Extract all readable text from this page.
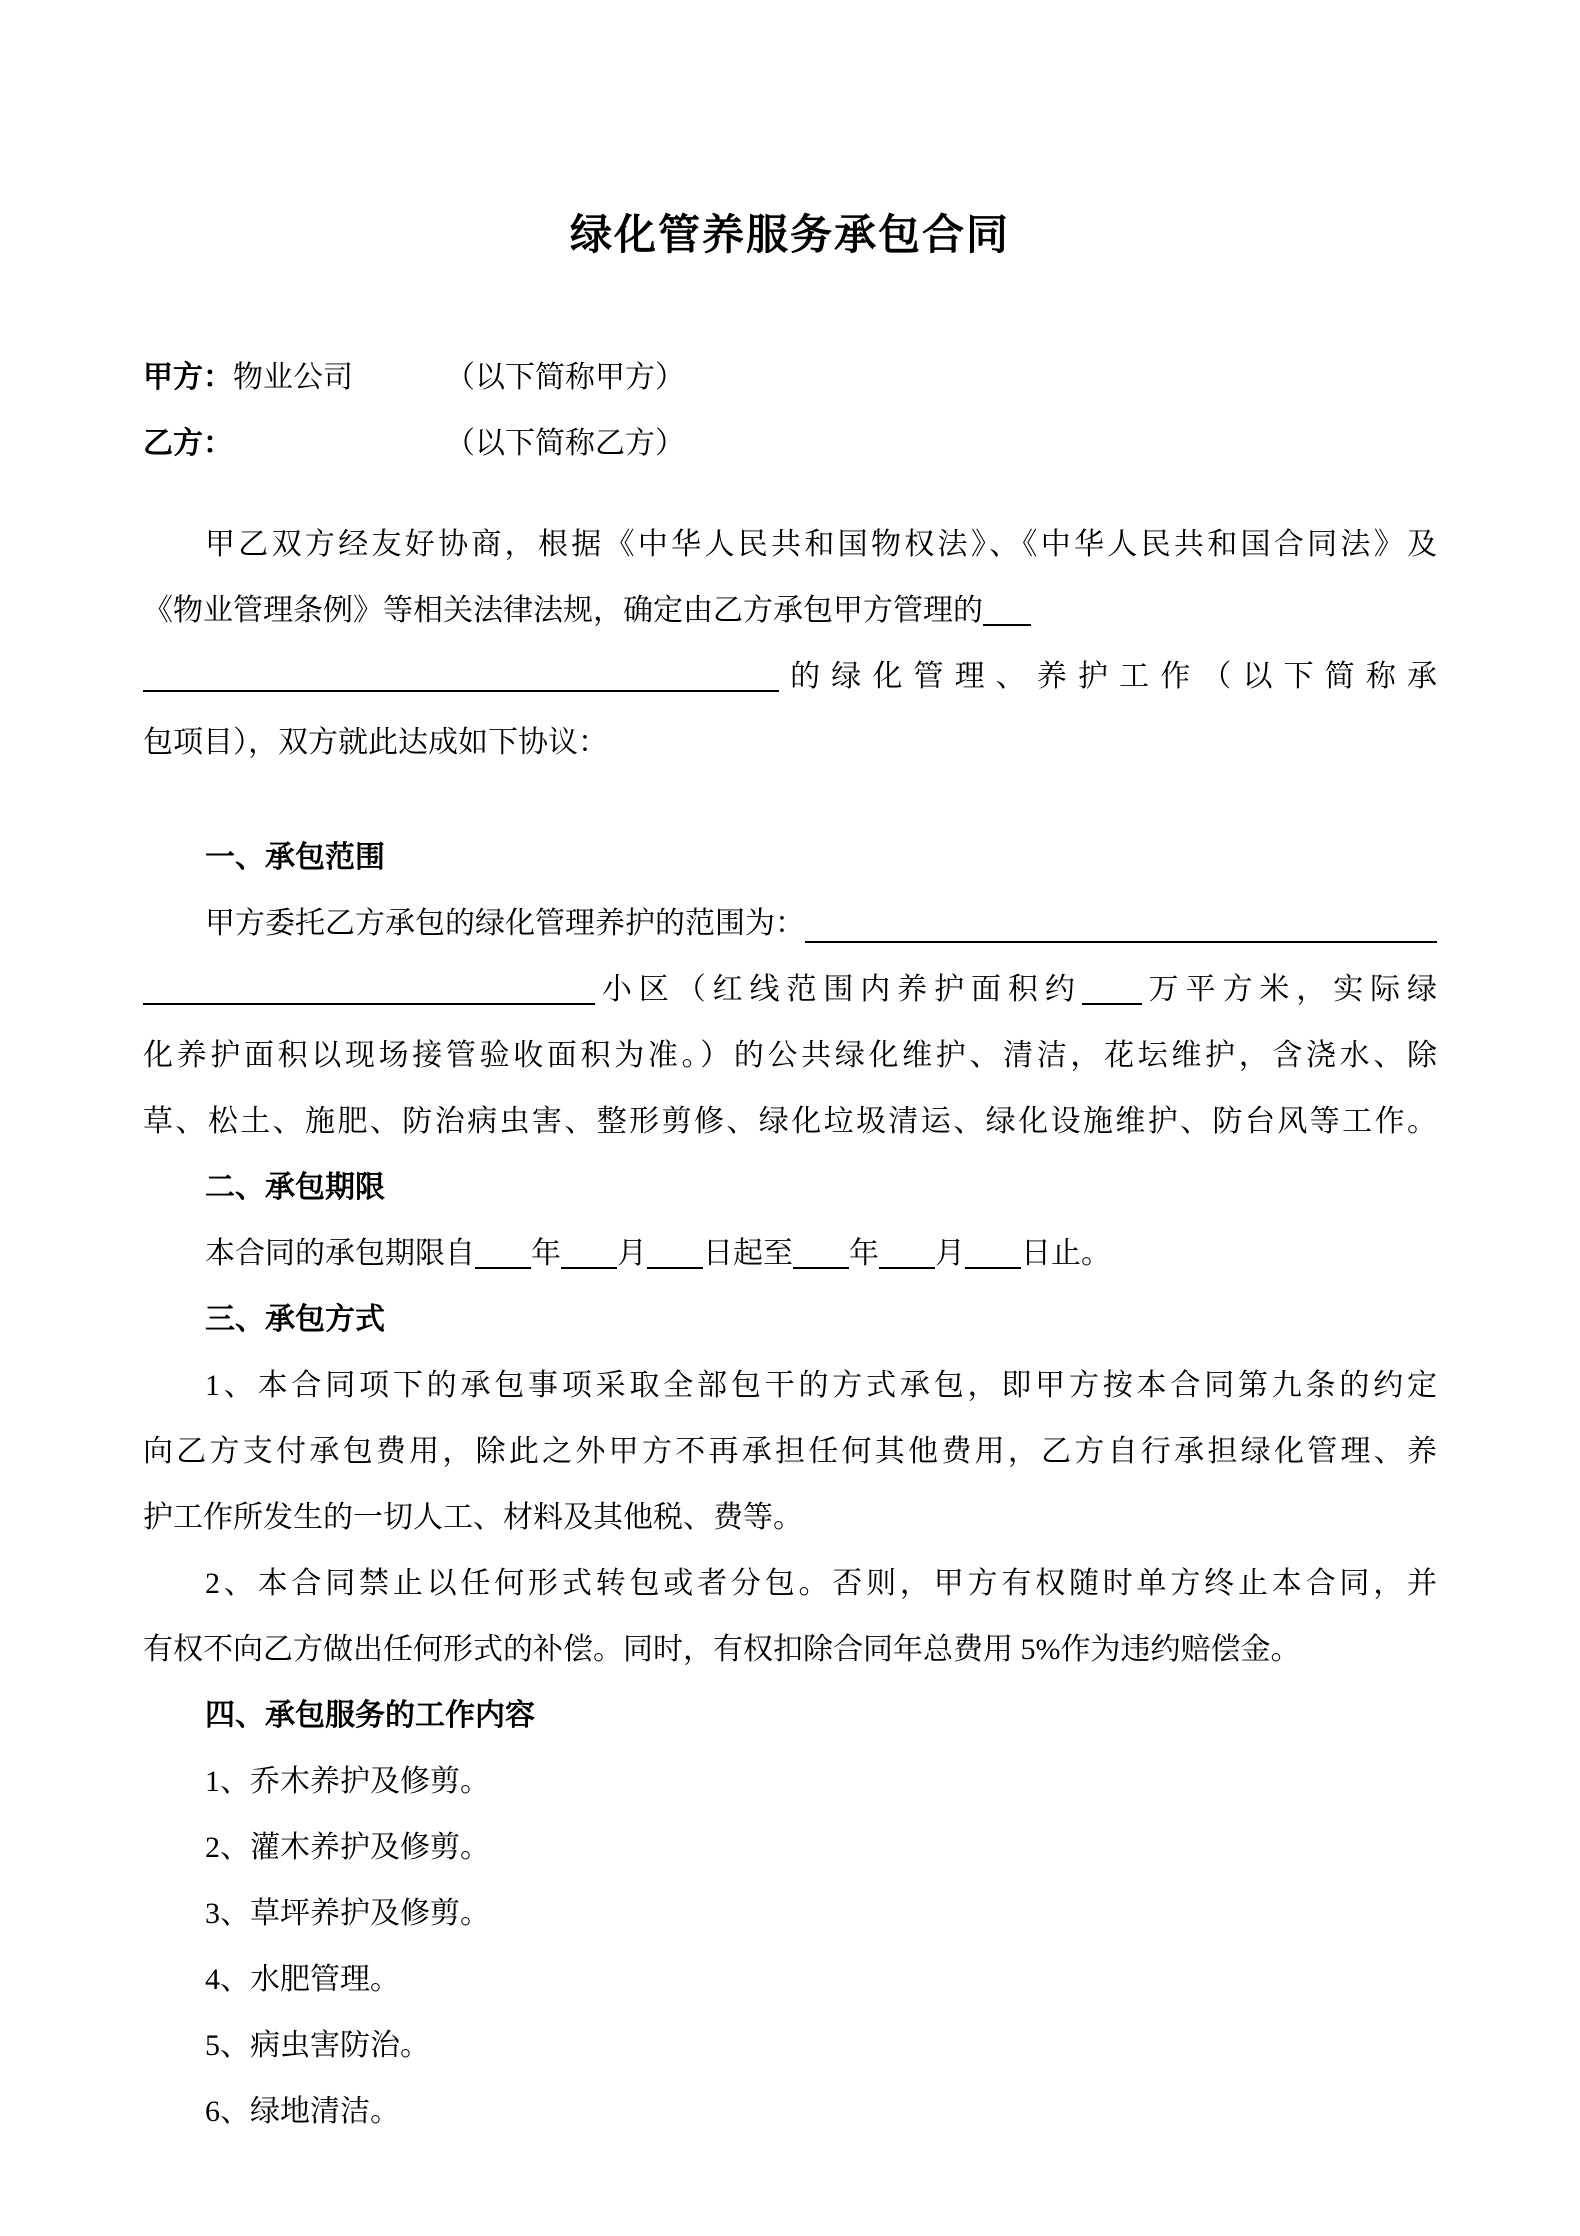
绿化管养服务承包合同
甲方：物业公司	（以下简称甲方）
乙方：	（以下简称乙方）
甲乙双方经友好协商，根据《中华人民共和国物权法》、《中华人民共和国合同法》及
《物业管理条例》等相关法律法规，确定由乙方承包甲方管理的
的绿化管理、养护工作（以下简称承
包项目），双方就此达成如下协议：
一、承包范围
甲方委托乙方承包的绿化管理养护的范围为：
小区（红线范围内养护面积约 万平方米，实际绿
化养护面积以现场接管验收面积为准。）的公共绿化维护、清洁，花坛维护，含浇水、除
草、松土、施肥、防治病虫害、整形剪修、绿化垃圾清运、绿化设施维护、防台风等工作。
二、承包期限
本合同的承包期限自 年 月 日起至 年 月 日止。
三、承包方式
1、本合同项下的承包事项采取全部包干的方式承包，即甲方按本合同第九条的约定
向乙方支付承包费用，除此之外甲方不再承担任何其他费用，乙方自行承担绿化管理、养
护工作所发生的一切人工、材料及其他税、费等。
2、本合同禁止以任何形式转包或者分包。否则，甲方有权随时单方终止本合同，并
有权不向乙方做出任何形式的补偿。同时，有权扣除合同年总费用 5%作为违约赔偿金。
四、承包服务的工作内容
1、乔木养护及修剪。
2、灌木养护及修剪。
3、草坪养护及修剪。
4、水肥管理。
5、病虫害防治。
6、绿地清洁。
